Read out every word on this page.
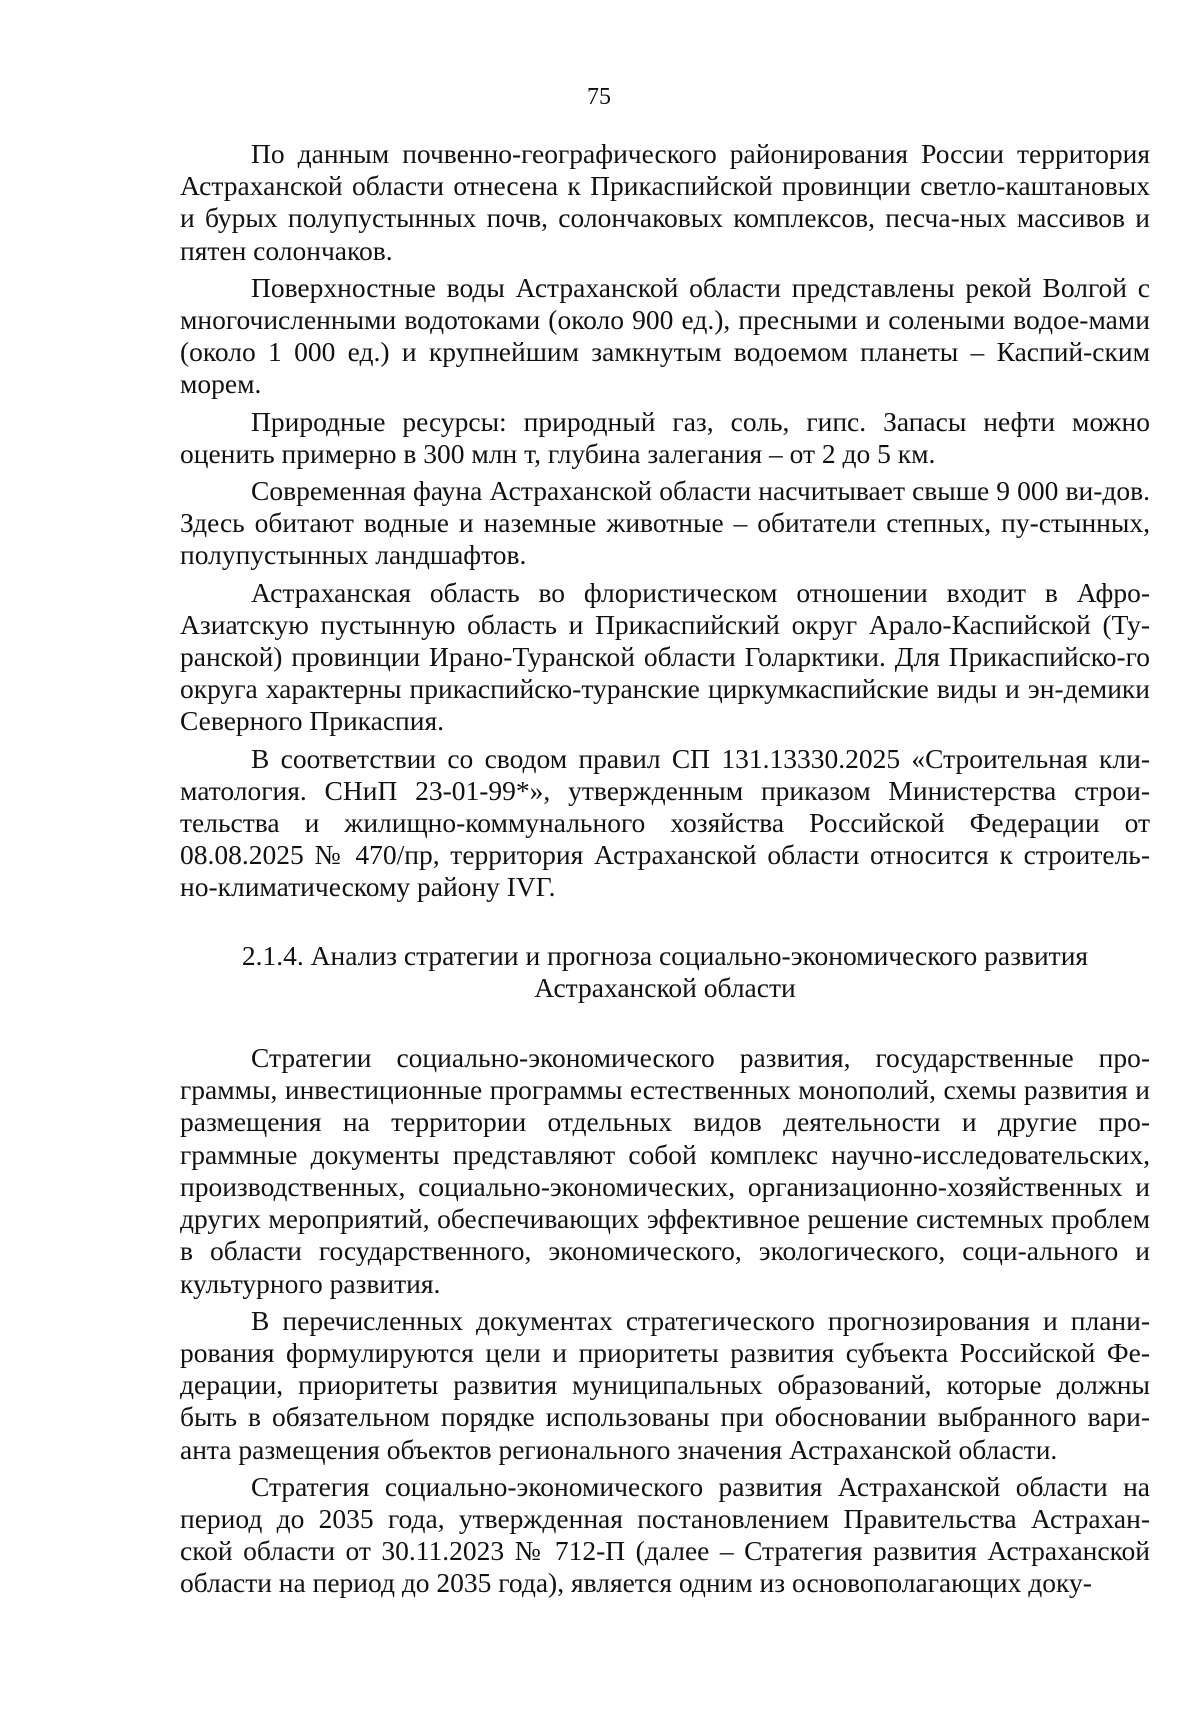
75

По данным почвенно-географического районирования России территория Астраханской области отнесена к Прикаспийской провинции светло-каштановых и бурых полупустынных почв, солончаковых комплексов, песча-ных массивов и пятен солончаков.

Поверхностные воды Астраханской области представлены рекой Волгой с многочисленными водотоками (около 900 ед.), пресными и солеными водое-мами (около 1 000 ед.) и крупнейшим замкнутым водоемом планеты – Каспий-ским морем.

Природные ресурсы: природный газ, соль, гипс. Запасы нефти можно оценить примерно в 300 млн т, глубина залегания – от 2 до 5 км.

Современная фауна Астраханской области насчитывает свыше 9 000 ви-дов. Здесь обитают водные и наземные животные – обитатели степных, пу-стынных, полупустынных ландшафтов.

Астраханская область во флористическом отношении входит в Афро-Азиатскую пустынную область и Прикаспийский округ Арало-Каспийской (Ту-ранской) провинции Ирано-Туранской области Голарктики. Для Прикаспийско-го округа характерны прикаспийско-туранские циркумкаспийские виды и эн-демики Северного Прикаспия.

В соответствии со сводом правил СП 131.13330.2025 «Строительная кли-матология. СНиП 23-01-99*», утвержденным приказом Министерства строи-тельства и жилищно-коммунального хозяйства Российской Федерации от 08.08.2025 № 470/пр, территория Астраханской области относится к строитель-но-климатическому району IVГ.

2.1.4. Анализ стратегии и прогноза социально-экономического развития
Астраханской области

Стратегии социально-экономического развития, государственные про-граммы, инвестиционные программы естественных монополий, схемы развития и размещения на территории отдельных видов деятельности и другие про-граммные документы представляют собой комплекс научно-исследовательских, производственных, социально-экономических, организационно-хозяйственных и других мероприятий, обеспечивающих эффективное решение системных проблем в области государственного, экономического, экологического, соци-ального и культурного развития.

В перечисленных документах стратегического прогнозирования и плани-рования формулируются цели и приоритеты развития субъекта Российской Фе-дерации, приоритеты развития муниципальных образований, которые должны быть в обязательном порядке использованы при обосновании выбранного вари-анта размещения объектов регионального значения Астраханской области.

Стратегия социально-экономического развития Астраханской области на период до 2035 года, утвержденная постановлением Правительства Астрахан-ской области от 30.11.2023 № 712-П (далее – Стратегия развития Астраханской области на период до 2035 года), является одним из основополагающих доку-
